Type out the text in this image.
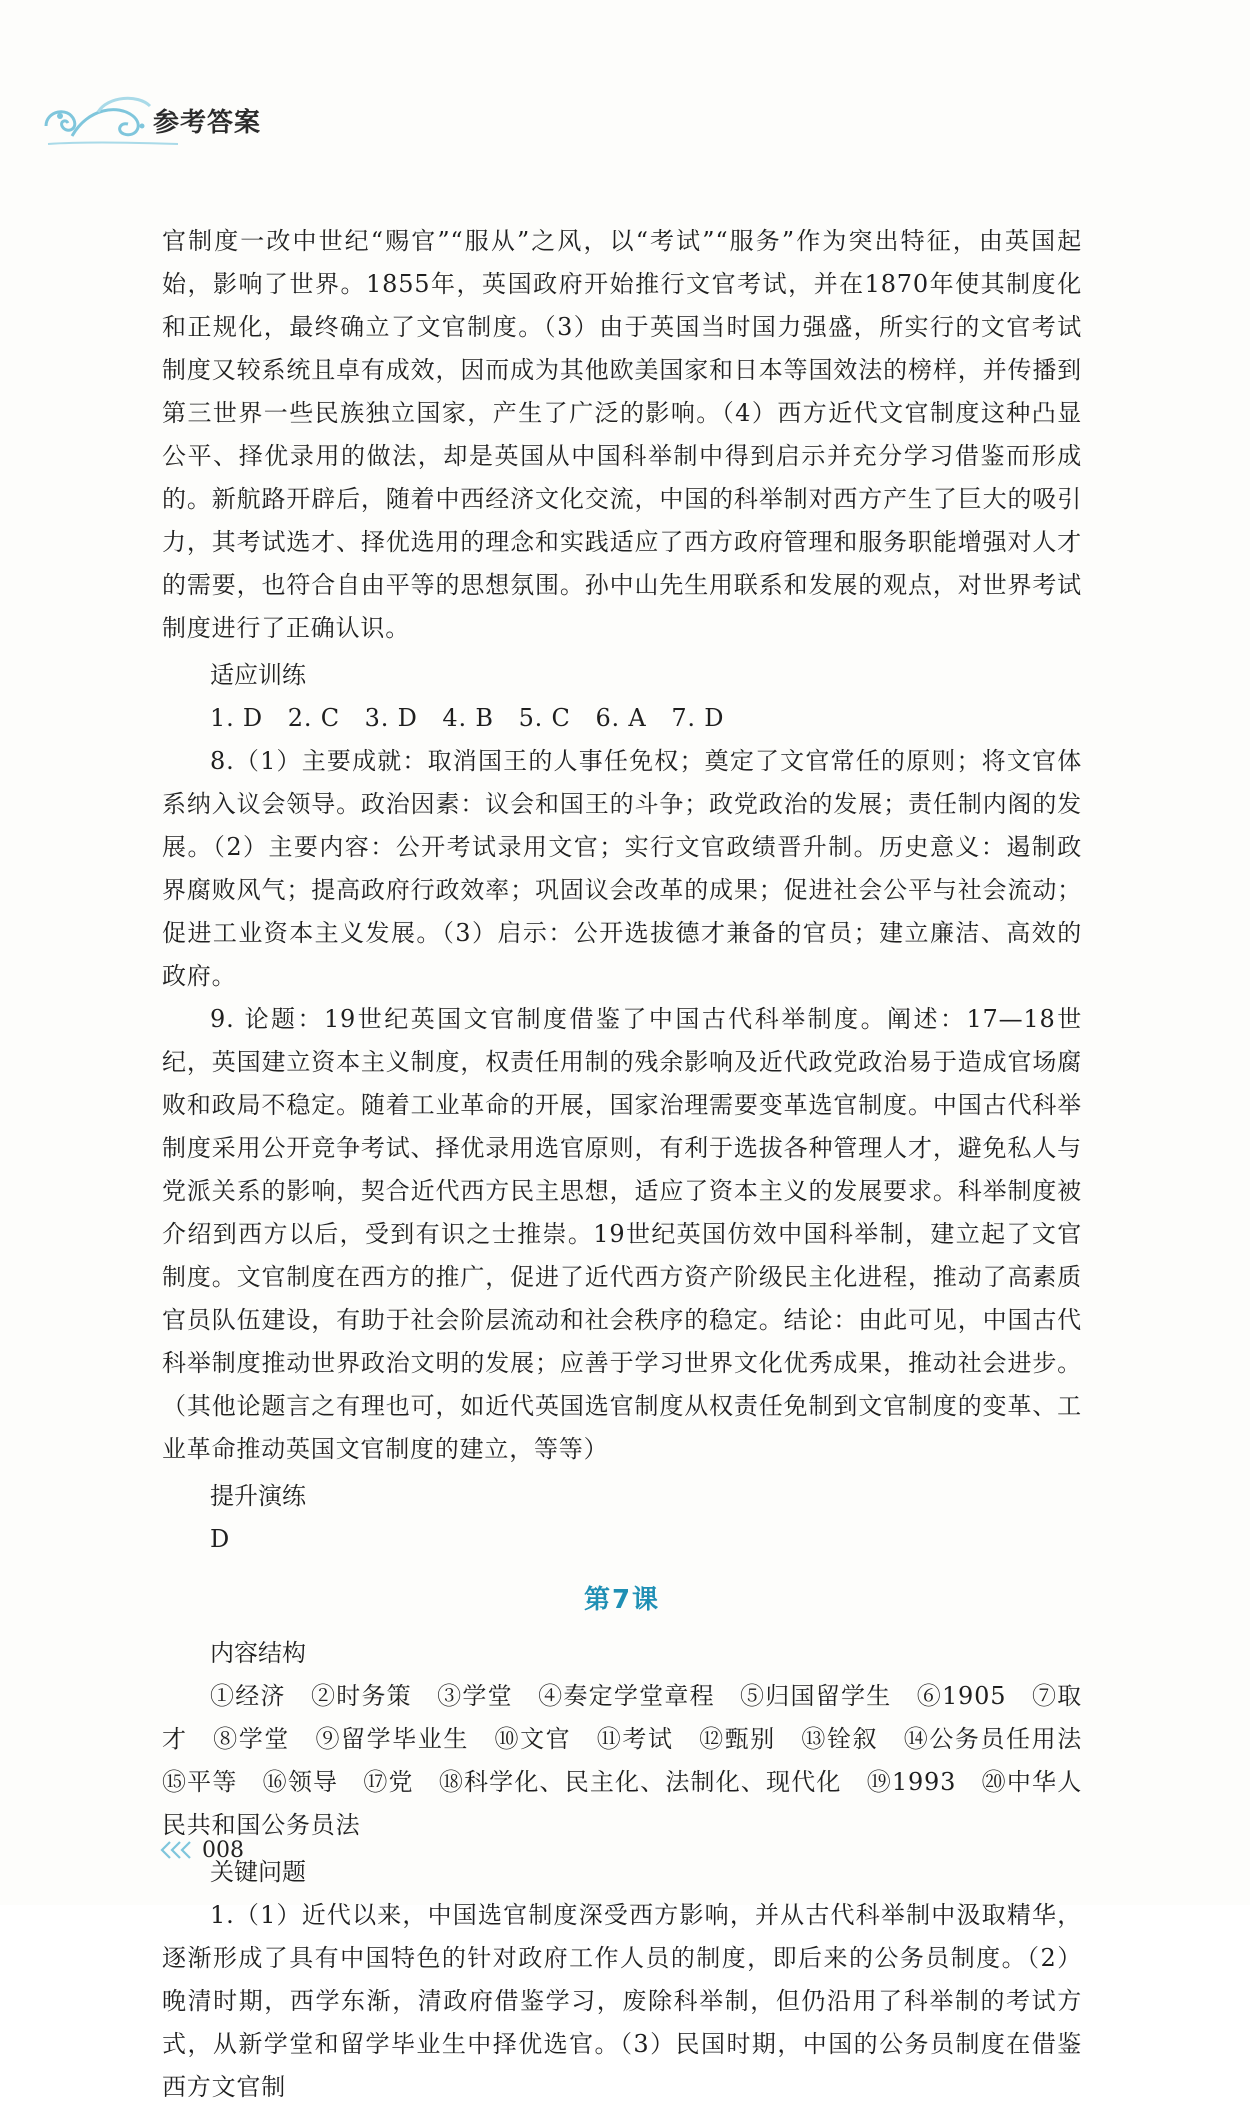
参考答案

官制度一改中世纪“赐官”“服从”之风，以“考试”“服务”作为突出特征，由英国起始，影响了世界。1855年，英国政府开始推行文官考试，并在1870年使其制度化和正规化，最终确立了文官制度。（3）由于英国当时国力强盛，所实行的文官考试制度又较系统且卓有成效，因而成为其他欧美国家和日本等国效法的榜样，并传播到第三世界一些民族独立国家，产生了广泛的影响。（4）西方近代文官制度这种凸显公平、择优录用的做法，却是英国从中国科举制中得到启示并充分学习借鉴而形成的。新航路开辟后，随着中西经济文化交流，中国的科举制对西方产生了巨大的吸引力，其考试选才、择优选用的理念和实践适应了西方政府管理和服务职能增强对人才的需要，也符合自由平等的思想氛围。孙中山先生用联系和发展的观点，对世界考试制度进行了正确认识。

适应训练

1. D　2. C　3. D　4. B　5. C　6. A　7. D

8.（1）主要成就：取消国王的人事任免权；奠定了文官常任的原则；将文官体系纳入议会领导。政治因素：议会和国王的斗争；政党政治的发展；责任制内阁的发展。（2）主要内容：公开考试录用文官；实行文官政绩晋升制。历史意义：遏制政界腐败风气；提高政府行政效率；巩固议会改革的成果；促进社会公平与社会流动；促进工业资本主义发展。（3）启示：公开选拔德才兼备的官员；建立廉洁、高效的政府。

9. 论题：19世纪英国文官制度借鉴了中国古代科举制度。阐述：17—18世纪，英国建立资本主义制度，权责任用制的残余影响及近代政党政治易于造成官场腐败和政局不稳定。随着工业革命的开展，国家治理需要变革选官制度。中国古代科举制度采用公开竞争考试、择优录用选官原则，有利于选拔各种管理人才，避免私人与党派关系的影响，契合近代西方民主思想，适应了资本主义的发展要求。科举制度被介绍到西方以后，受到有识之士推崇。19世纪英国仿效中国科举制，建立起了文官制度。文官制度在西方的推广，促进了近代西方资产阶级民主化进程，推动了高素质官员队伍建设，有助于社会阶层流动和社会秩序的稳定。结论：由此可见，中国古代科举制度推动世界政治文明的发展；应善于学习世界文化优秀成果，推动社会进步。（其他论题言之有理也可，如近代英国选官制度从权责任免制到文官制度的变革、工业革命推动英国文官制度的建立，等等）

提升演练

D

第7课
内容结构

①经济　②时务策　③学堂　④奏定学堂章程　⑤归国留学生　⑥1905　⑦取才　⑧学堂　⑨留学毕业生　⑩文官　⑪考试　⑫甄别　⑬铨叙　⑭公务员任用法　⑮平等　⑯领导　⑰党　⑱科学化、民主化、法制化、现代化　⑲1993　⑳中华人民共和国公务员法

关键问题

1.（1）近代以来，中国选官制度深受西方影响，并从古代科举制中汲取精华，逐渐形成了具有中国特色的针对政府工作人员的制度，即后来的公务员制度。（2）晚清时期，西学东渐，清政府借鉴学习，废除科举制，但仍沿用了科举制的考试方式，从新学堂和留学毕业生中择优选官。（3）民国时期，中国的公务员制度在借鉴西方文官制

008
